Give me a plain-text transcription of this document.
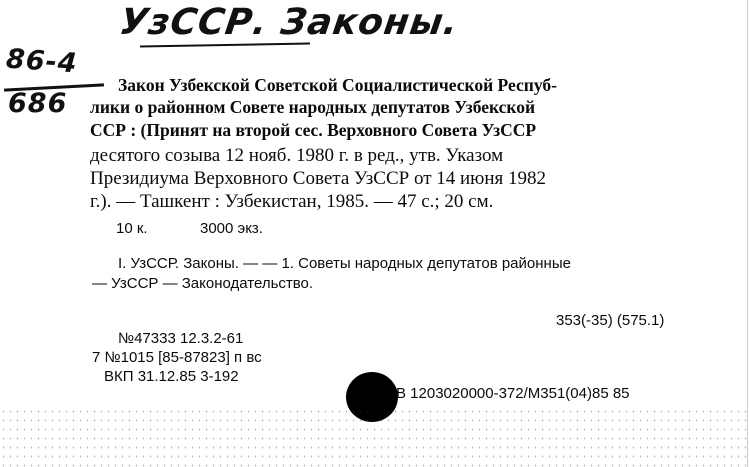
УзССР. Законы.
86-4
686
Закон Узбекской Советской Социалистической Респуб-
лики о районном Совете народных депутатов Узбекской
ССР : (Принят на второй сес. Верховного Совета УзССР
десятого созыва 12 нояб. 1980 г. в ред., утв. Указом
Президиума Верховного Совета УзССР от 14 июня 1982
г.). — Ташкент : Узбекистан, 1985. — 47 с.; 20 см.
10 к.	3000 экз.
I. УзССР. Законы. — — 1. Советы народных депутатов районные
— УзССР — Законодательство.
353(-35) (575.1)
№47333 12.3.2-61
7 №1015 [85-87823] п вс
ВКП 31.12.85 3-192
В 1203020000-372/М351(04)85 85
